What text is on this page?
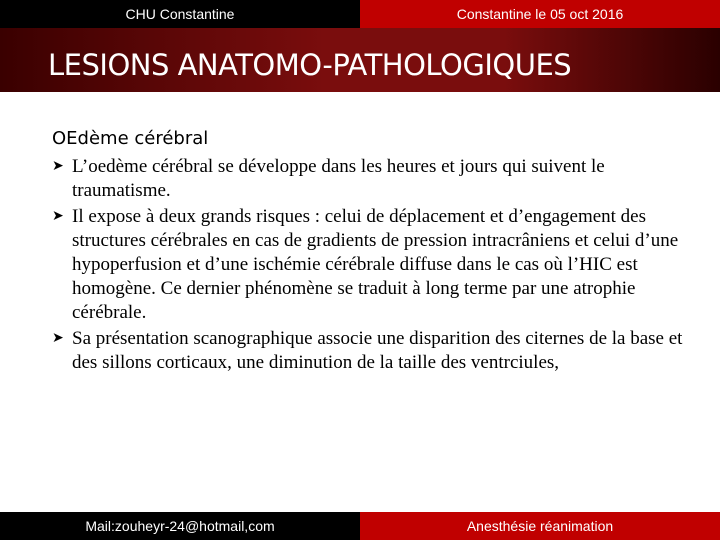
CHU Constantine	Constantine le 05 oct 2016
LESIONS ANATOMO-PATHOLOGIQUES
OEdème cérébral
➤ L’oedème cérébral se développe dans les heures et jours qui suivent le traumatisme.
➤ Il expose à deux grands risques : celui de déplacement et d’engagement des structures cérébrales en cas de gradients de pression intracrâniens et celui d’une hypoperfusion et d’une ischémie cérébrale diffuse dans le cas où l’HIC est homogène. Ce dernier phénomène se traduit à long terme par une atrophie cérébrale.
➤ Sa présentation scanographique associe une disparition des citernes de la base et des sillons corticaux, une diminution de la taille des ventrciules,
Mail:zouheyr-24@hotmail,com	Anesthésie réanimation
